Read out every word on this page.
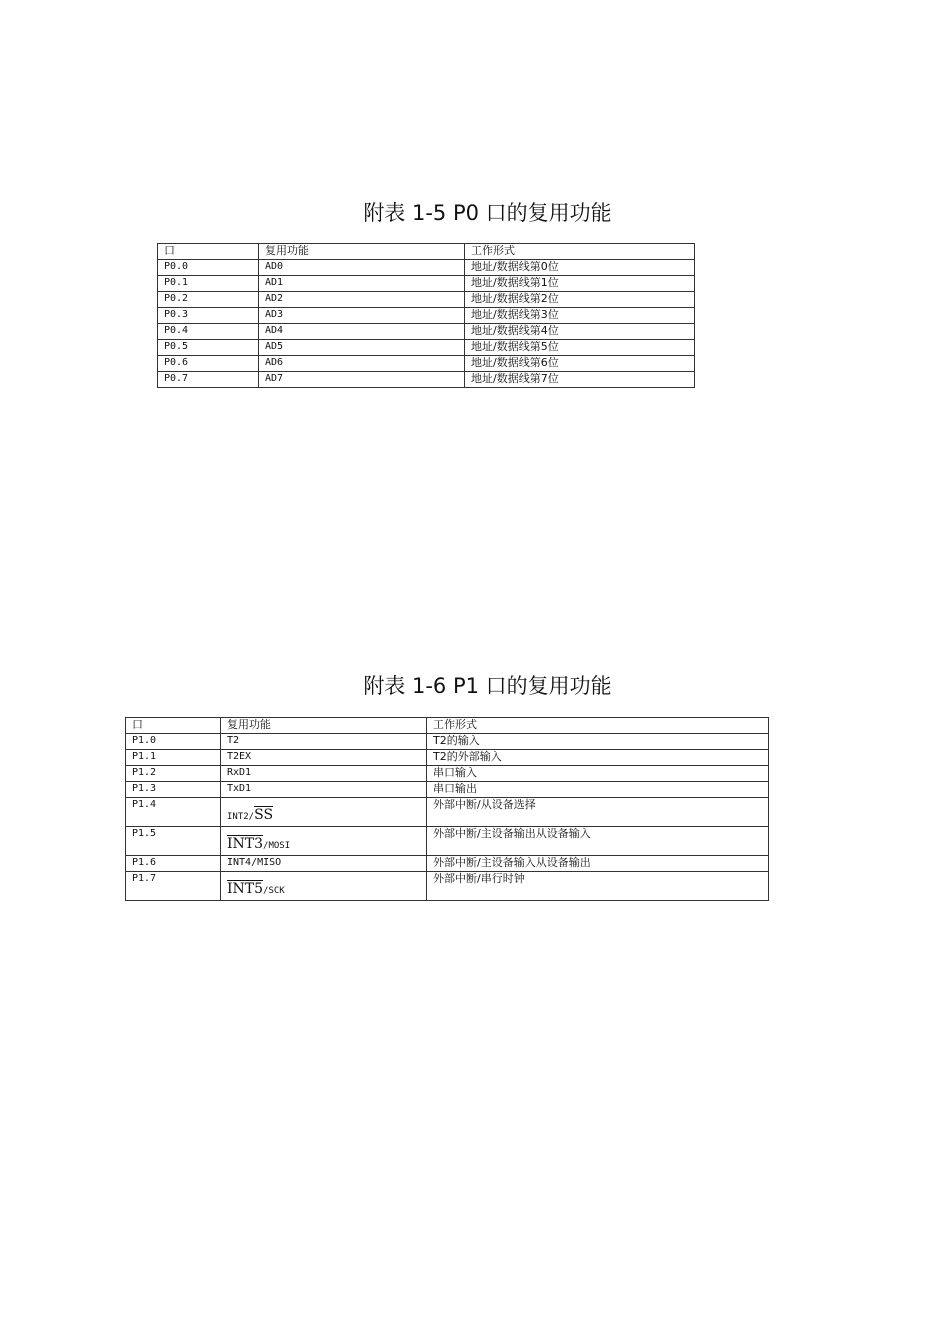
附表 1-5 P0 口的复用功能
口	复用功能	工作形式
P0.0	AD0	地址/数据线第0位
P0.1	AD1	地址/数据线第1位
P0.2	AD2	地址/数据线第2位
P0.3	AD3	地址/数据线第3位
P0.4	AD4	地址/数据线第4位
P0.5	AD5	地址/数据线第5位
P0.6	AD6	地址/数据线第6位
P0.7	AD7	地址/数据线第7位
附表 1-6 P1 口的复用功能
口	复用功能	工作形式
P1.0	T2	T2的输入
P1.1	T2EX	T2的外部输入
P1.2	RxD1	串口输入
P1.3	TxD1	串口输出
P1.4	$INT2/\overline{SS}$	外部中断/从设备选择
P1.5	INT3/MOSI	外部中断/主设备输出从设备输入
P1.6	INT4/MISO	外部中断/主设备输入从设备输出
P1.7	INT5/SCK	外部中断/串行时钟
